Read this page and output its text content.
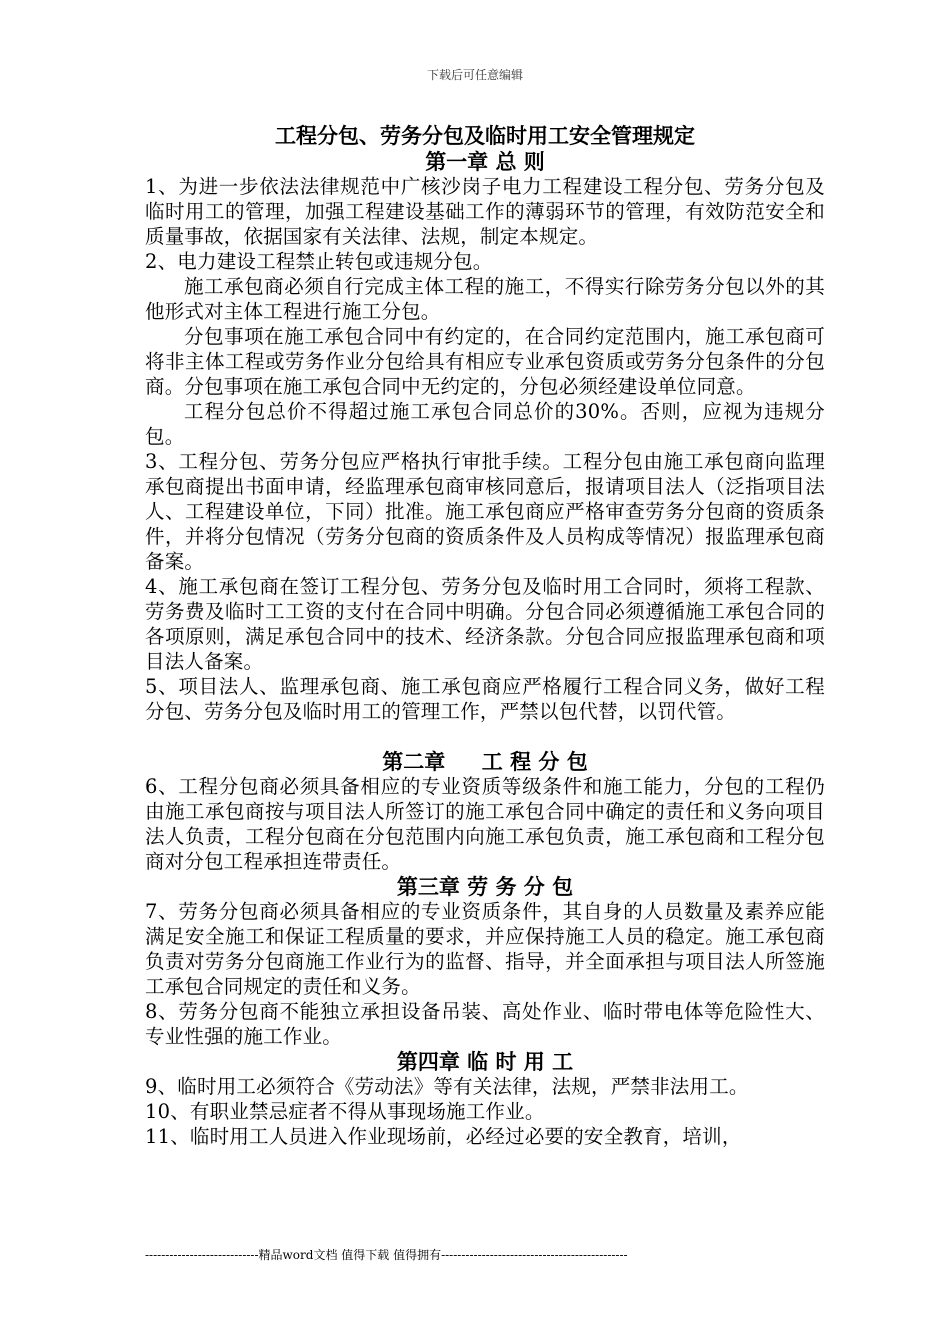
下载后可任意编辑

工程分包、劳务分包及临时用工安全管理规定

第一章 总 则

1、为进一步依法法律规范中广核沙岗子电力工程建设工程分包、劳务分包及临时用工的管理，加强工程建设基础工作的薄弱环节的管理，有效防范安全和质量事故，依据国家有关法律、法规，制定本规定。

2、电力建设工程禁止转包或违规分包。

施工承包商必须自行完成主体工程的施工，不得实行除劳务分包以外的其他形式对主体工程进行施工分包。

分包事项在施工承包合同中有约定的，在合同约定范围内，施工承包商可将非主体工程或劳务作业分包给具有相应专业承包资质或劳务分包条件的分包商。分包事项在施工承包合同中无约定的，分包必须经建设单位同意。

工程分包总价不得超过施工承包合同总价的30%。否则，应视为违规分包。

3、工程分包、劳务分包应严格执行审批手续。工程分包由施工承包商向监理承包商提出书面申请，经监理承包商审核同意后，报请项目法人（泛指项目法人、工程建设单位，下同）批准。施工承包商应严格审查劳务分包商的资质条件，并将分包情况（劳务分包商的资质条件及人员构成等情况）报监理承包商备案。

4、施工承包商在签订工程分包、劳务分包及临时用工合同时，须将工程款、劳务费及临时工工资的支付在合同中明确。分包合同必须遵循施工承包合同的各项原则，满足承包合同中的技术、经济条款。分包合同应报监理承包商和项目法人备案。

5、项目法人、监理承包商、施工承包商应严格履行工程合同义务，做好工程分包、劳务分包及临时用工的管理工作，严禁以包代替，以罚代管。

第二章     工 程 分 包

6、工程分包商必须具备相应的专业资质等级条件和施工能力，分包的工程仍由施工承包商按与项目法人所签订的施工承包合同中确定的责任和义务向项目法人负责，工程分包商在分包范围内向施工承包负责，施工承包商和工程分包商对分包工程承担连带责任。

第三章 劳 务 分 包

7、劳务分包商必须具备相应的专业资质条件，其自身的人员数量及素养应能满足安全施工和保证工程质量的要求，并应保持施工人员的稳定。施工承包商负责对劳务分包商施工作业行为的监督、指导，并全面承担与项目法人所签施工承包合同规定的责任和义务。

8、劳务分包商不能独立承担设备吊装、高处作业、临时带电体等危险性大、专业性强的施工作业。

第四章 临 时 用 工

9、临时用工必须符合《劳动法》等有关法律，法规，严禁非法用工。

10、有职业禁忌症者不得从事现场施工作业。

11、临时用工人员进入作业现场前，必经过必要的安全教育，培训，

----------------------------精品word文档 值得下载 值得拥有----------------------------------------------
